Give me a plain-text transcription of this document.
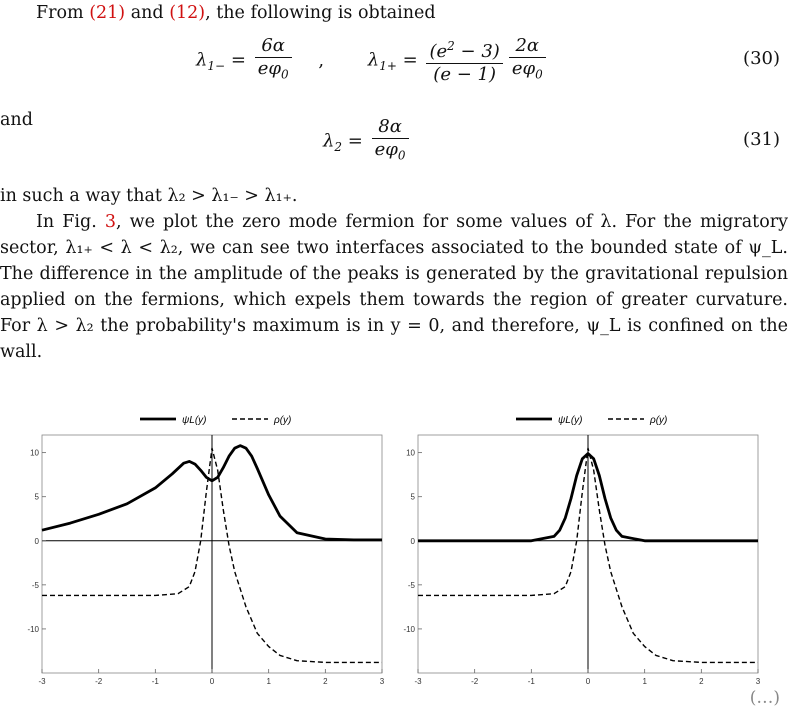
From (21) and (12), the following is obtained
$\lambda_{1-} = \frac{6\alpha}{e\varphi_0}$ , $\lambda_{1+} = \frac{(e^2 - 3)}{(e - 1)} \frac{2\alpha}{e\varphi_0}$	(30)
and
$\lambda_2 = \frac{8\alpha}{e\varphi_0}$	(31)
in such a way that λ₂ > λ₁₋ > λ₁₊.
In Fig. 3, we plot the zero mode fermion for some values of λ. For the migratory sector, λ₁₊ < λ < λ₂, we can see two interfaces associated to the bounded state of ψ_L. The difference in the amplitude of the peaks is generated by the gravitational repulsion applied on the fermions, which expels them towards the region of greater curvature. For λ > λ₂ the probability's maximum is in y = 0, and therefore, ψ_L is confined on the wall.
-3	-2	-1	0	1	2	3
-10
-5
0
5
10
ψL(y)	ρ(y)
-3	-2	-1	0	1	2	3
-10
-5
0
5
10
ψL(y)	ρ(y)
(…)
